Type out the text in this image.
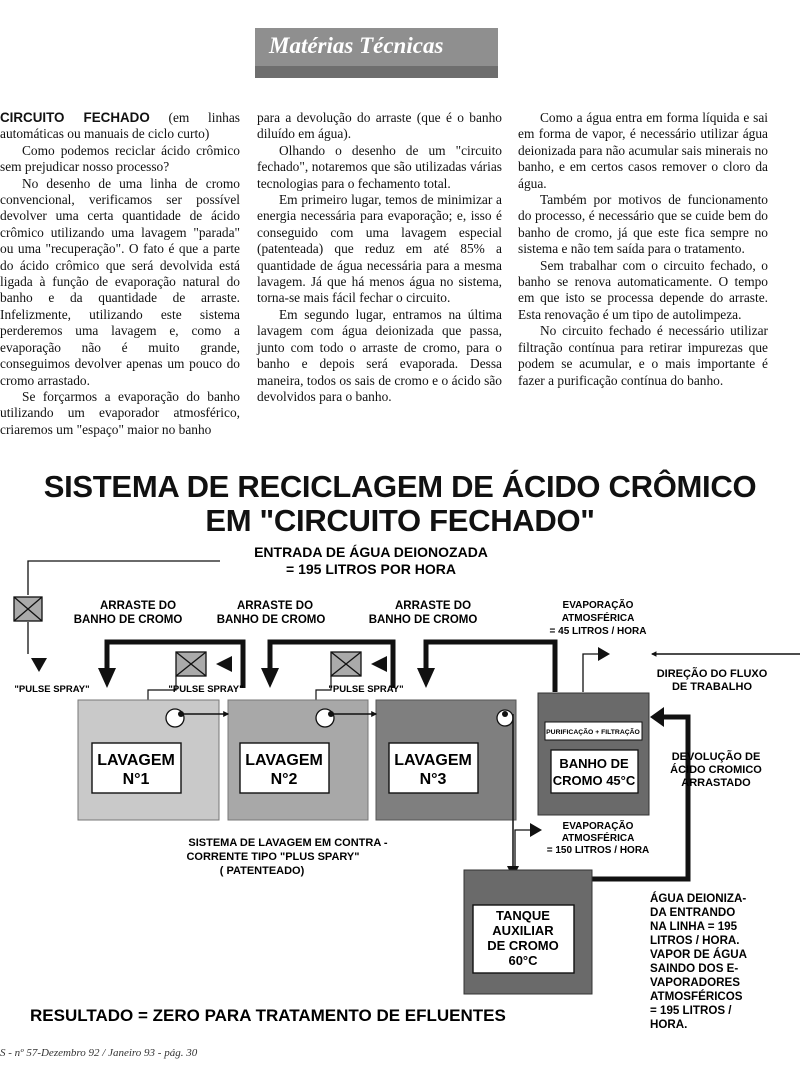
Matérias Técnicas

CIRCUITO FECHADO (em linhas automáticas ou manuais de ciclo curto)

Como podemos reciclar ácido crômico sem prejudicar nosso processo?

No desenho de uma linha de cromo convencional, verificamos ser possível devolver uma certa quantidade de ácido crômico utilizando uma lavagem "parada" ou uma "recuperação". O fato é que a parte do ácido crômico que será devolvida está ligada à função de evaporação natural do banho e da quantidade de arraste. Infelizmente, utilizando este sistema perderemos uma lavagem e, como a evaporação não é muito grande, conseguimos devolver apenas um pouco do cromo arrastado.

Se forçarmos a evaporação do banho utilizando um evaporador atmosférico, criaremos um "espaço" maior no banho

para a devolução do arraste (que é o banho diluído em água).

Olhando o desenho de um "circuito fechado", notaremos que são utilizadas várias tecnologias para o fechamento total.

Em primeiro lugar, temos de minimizar a energia necessária para evaporação; e, isso é conseguido com uma lavagem especial (patenteada) que reduz em até 85% a quantidade de água necessária para a mesma lavagem. Já que há menos água no sistema, torna-se mais fácil fechar o circuito.

Em segundo lugar, entramos na última lavagem com água deionizada que passa, junto com todo o arraste de cromo, para o banho e depois será evaporada. Dessa maneira, todos os sais de cromo e o ácido são devolvidos para o banho.

Como a água entra em forma líquida e sai em forma de vapor, é necessário utilizar água deionizada para não acumular sais minerais no banho, e em certos casos remover o cloro da água.

Também por motivos de funcionamento do processo, é necessário que se cuide bem do banho de cromo, já que este fica sempre no sistema e não tem saída para o tratamento.

Sem trabalhar com o circuito fechado, o banho se renova automaticamente. O tempo em que isto se processa depende do arraste. Esta renovação é um tipo de autolimpeza.

No circuito fechado é necessário utilizar filtração contínua para retirar impurezas que podem se acumular, e o mais importante é fazer a purificação contínua do banho.

SISTEMA DE RECICLAGEM DE ÁCIDO CRÔMICO
EM "CIRCUITO FECHADO"
ENTRADA DE ÁGUA DEIONOZADA
= 195 LITROS POR HORA
ARRASTE DO
BANHO DE CROMO
ARRASTE DO
BANHO DE CROMO
ARRASTE DO
BANHO DE CROMO
"PULSE SPRAY"	"PULSE SPRAY"	"PULSE SPRAY"
LAVAGEM
N°1
LAVAGEM
N°2
LAVAGEM
N°3
PURIFICAÇÃO + FILTRAÇÃO
BANHO DE
CROMO 45°C
EVAPORAÇÃO
ATMOSFÉRICA
= 45 LITROS / HORA
DIREÇÃO DO FLUXO
DE TRABALHO
DEVOLUÇÃO DE
ÁCIDO CROMICO
ARRASTADO
SISTEMA DE LAVAGEM EM CONTRA -
CORRENTE TIPO "PLUS SPARY"
( PATENTEADO)
EVAPORAÇÃO
ATMOSFÉRICA
= 150 LITROS / HORA
TANQUE
AUXILIAR
DE CROMO
60°C
ÁGUA DEIONIZA-
DA ENTRANDO
NA LINHA = 195
LITROS / HORA.
VAPOR DE ÁGUA
SAINDO DOS E-
VAPORADORES
ATMOSFÉRICOS
= 195 LITROS /
HORA.
RESULTADO = ZERO PARA TRATAMENTO DE EFLUENTES
S - nº 57-Dezembro 92 / Janeiro 93 - pág. 30
